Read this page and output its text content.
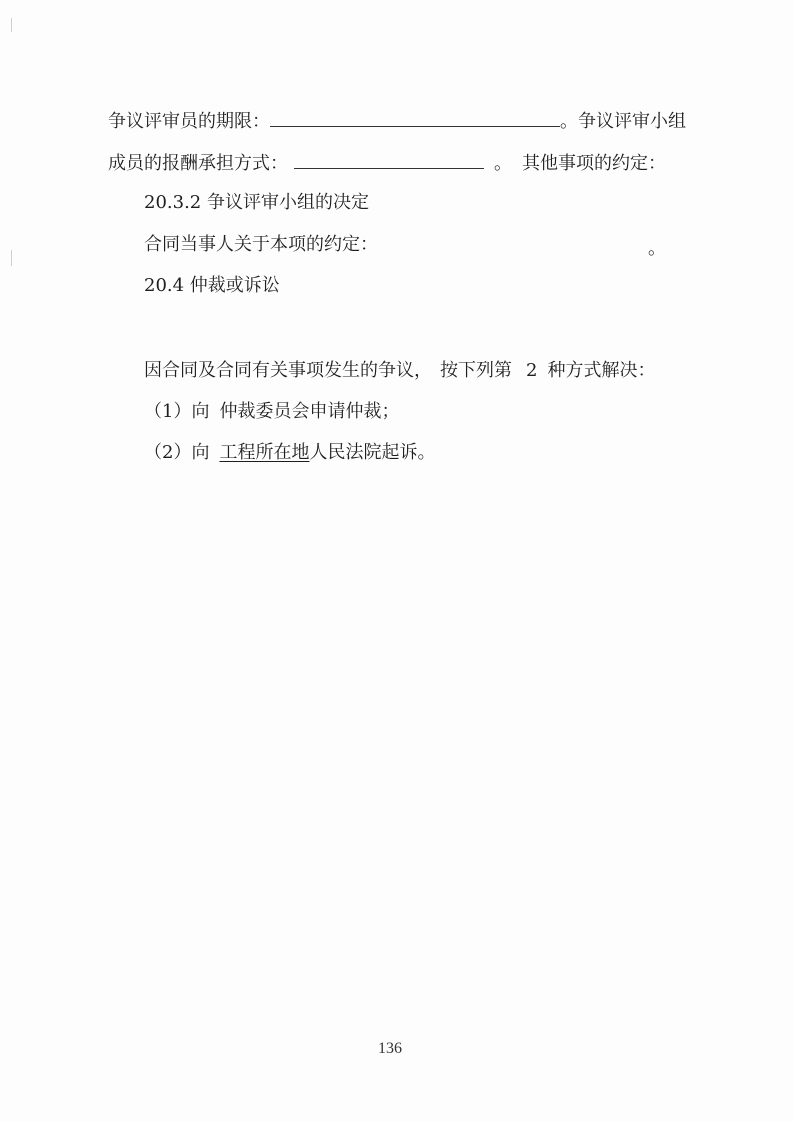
争议评审员的期限：	。争议评审小组
成员的报酬承担方式：	。 其他事项的约定：
20.3.2 争议评审小组的决定
合同当事人关于本项的约定：	。
20.4 仲裁或诉讼
因合同及合同有关事项发生的争议， 按下列第 2 种方式解决：
（1）向 仲裁委员会申请仲裁；
（2）向 工程所在地人民法院起诉。
136
